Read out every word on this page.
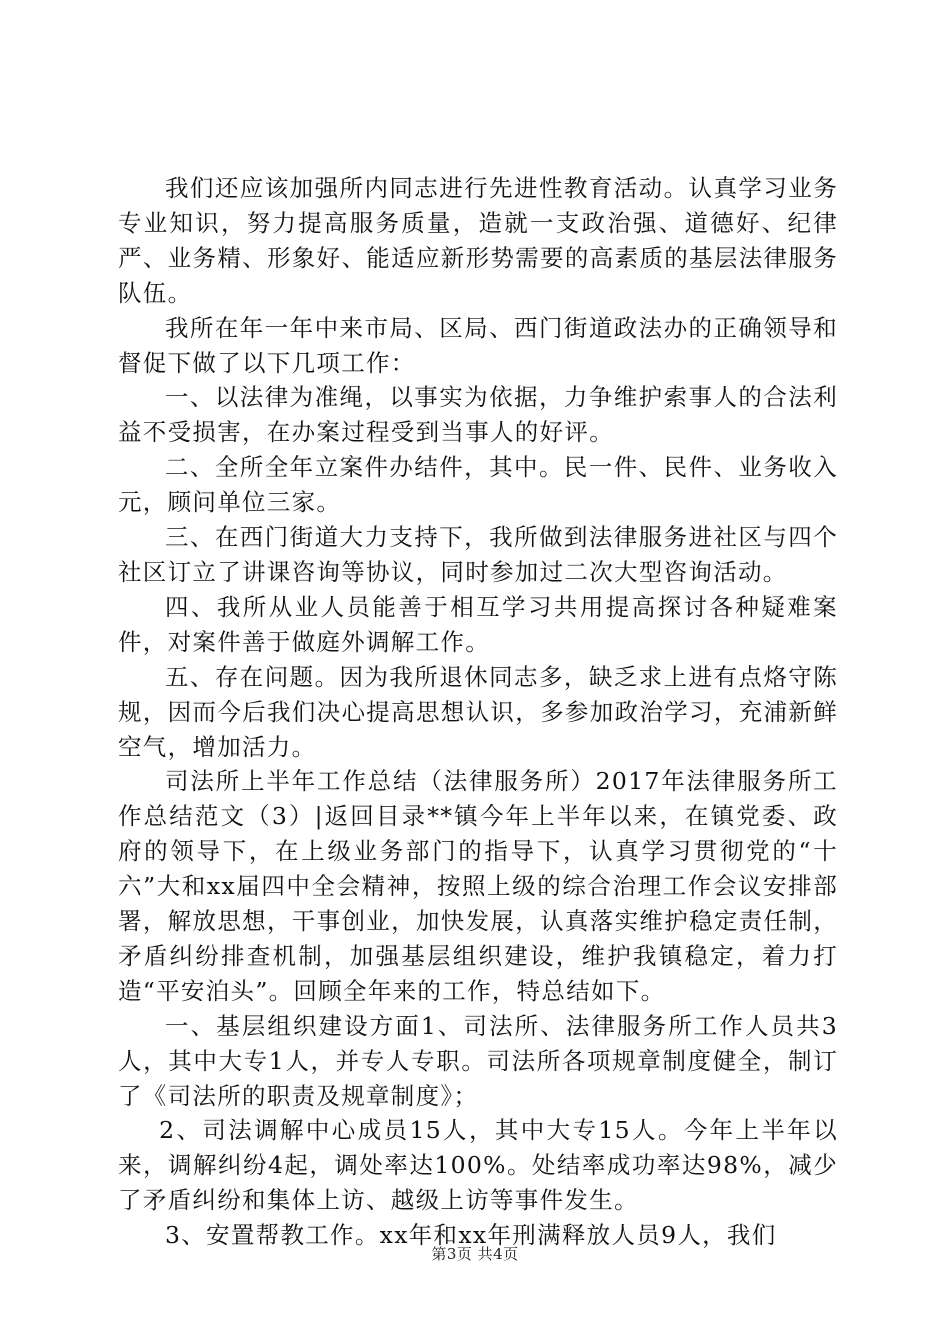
我们还应该加强所内同志进行先进性教育活动。认真学习业务专业知识，努力提高服务质量，造就一支政治强、道德好、纪律严、业务精、形象好、能适应新形势需要的高素质的基层法律服务队伍。

我所在年一年中来市局、区局、西门街道政法办的正确领导和督促下做了以下几项工作：

一、以法律为准绳，以事实为依据，力争维护索事人的合法利益不受损害，在办案过程受到当事人的好评。

二、全所全年立案件办结件，其中。民一件、民件、业务收入元，顾问单位三家。

三、在西门街道大力支持下，我所做到法律服务进社区与四个社区订立了讲课咨询等协议，同时参加过二次大型咨询活动。

四、我所从业人员能善于相互学习共用提高探讨各种疑难案件，对案件善于做庭外调解工作。

五、存在问题。因为我所退休同志多，缺乏求上进有点烙守陈规，因而今后我们决心提高思想认识，多参加政治学习，充浦新鲜空气，增加活力。

司法所上半年工作总结（法律服务所）2017年法律服务所工作总结范文（3）|返回目录**镇今年上半年以来，在镇党委、政府的领导下，在上级业务部门的指导下，认真学习贯彻党的“十六”大和xx届四中全会精神，按照上级的综合治理工作会议安排部署，解放思想，干事创业，加快发展，认真落实维护稳定责任制，矛盾纠纷排查机制，加强基层组织建设，维护我镇稳定，着力打造“平安泊头”。回顾全年来的工作，特总结如下。

一、基层组织建设方面1、司法所、法律服务所工作人员共3人，其中大专1人，并专人专职。司法所各项规章制度健全，制订了《司法所的职责及规章制度》；

2、司法调解中心成员15人，其中大专15人。今年上半年以来，调解纠纷4起，调处率达100%。处结率成功率达98%，减少了矛盾纠纷和集体上访、越级上访等事件发生。

3、安置帮教工作。xx年和xx年刑满释放人员9人，我们

第3页 共4页
